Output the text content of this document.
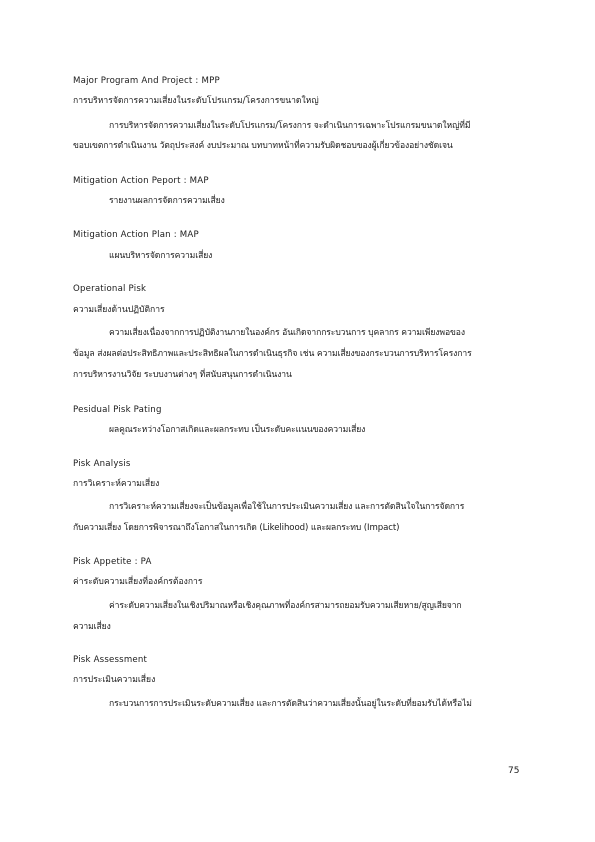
Major Program And Project : MPP

การบริหารจัดการความเสี่ยงในระดับโปรแกรม/โครงการขนาดใหญ่

การบริหารจัดการความเสี่ยงในระดับโปรแกรม/โครงการ จะดำเนินการเฉพาะโปรแกรมขนาดใหญ่ที่มี

ขอบเขตการดำเนินงาน วัตถุประสงค์ งบประมาณ บทบาทหน้าที่ความรับผิดชอบของผู้เกี่ยวข้องอย่างชัดเจน

Mitigation Action Peport : MAP

รายงานผลการจัดการความเสี่ยง

Mitigation Action Plan : MAP

แผนบริหารจัดการความเสี่ยง

Operational Pisk

ความเสี่ยงด้านปฏิบัติการ

ความเสี่ยงเนื่องจากการปฏิบัติงานภายในองค์กร อันเกิดจากกระบวนการ บุคลากร ความเพียงพอของ

ข้อมูล ส่งผลต่อประสิทธิภาพและประสิทธิผลในการดำเนินธุรกิจ เช่น ความเสี่ยงของกระบวนการบริหารโครงการ

การบริหารงานวิจัย ระบบงานต่างๆ ที่สนับสนุนการดำเนินงาน

Pesidual Pisk Pating

ผลคูณระหว่างโอกาสเกิดและผลกระทบ เป็นระดับคะแนนของความเสี่ยง

Pisk Analysis

การวิเคราะห์ความเสี่ยง

การวิเคราะห์ความเสี่ยงจะเป็นข้อมูลเพื่อใช้ในการประเมินความเสี่ยง และการตัดสินใจในการจัดการ

กับความเสี่ยง โดยการพิจารณาถึงโอกาสในการเกิด (Likelihood) และผลกระทบ (Impact)

Pisk Appetite : PA

ค่าระดับความเสี่ยงที่องค์กรต้องการ

ค่าระดับความเสี่ยงในเชิงปริมาณหรือเชิงคุณภาพที่องค์กรสามารถยอมรับความเสียหาย/สูญเสียจาก

ความเสี่ยง

Pisk Assessment

การประเมินความเสี่ยง

กระบวนการการประเมินระดับความเสี่ยง และการตัดสินว่าความเสี่ยงนั้นอยู่ในระดับที่ยอมรับได้หรือไม่

75
